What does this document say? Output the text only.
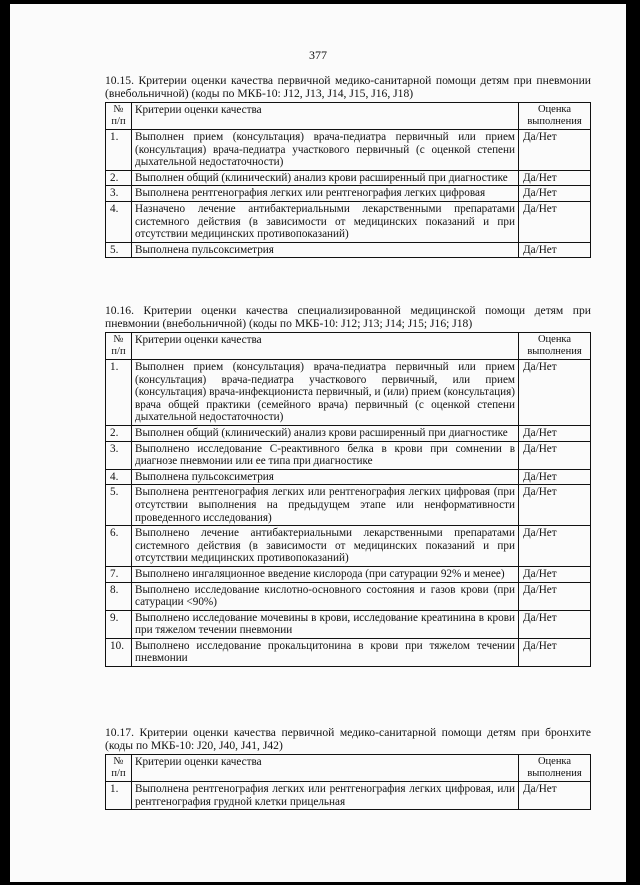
377
10.15. Критерии оценки качества первичной медико-санитарной помощи детям при пневмонии (внебольничной) (коды по МКБ-10: J12, J13, J14, J15, J16, J18)
№ п/п	Критерии оценки качества	Оценка выполнения
1.	Выполнен прием (консультация) врача-педиатра первичный или прием (консультация) врача-педиатра участкового первичный (с оценкой степени дыхательной недостаточности)	Да/Нет
2.	Выполнен общий (клинический) анализ крови расширенный при диагностике	Да/Нет
3.	Выполнена рентгенография легких или рентгенография легких цифровая	Да/Нет
4.	Назначено лечение антибактериальными лекарственными препаратами системного действия (в зависимости от медицинских показаний и при отсутствии медицинских противопоказаний)	Да/Нет
5.	Выполнена пульсоксиметрия	Да/Нет
10.16. Критерии оценки качества специализированной медицинской помощи детям при пневмонии (внебольничной) (коды по МКБ-10: J12; J13; J14; J15; J16; J18)
№ п/п	Критерии оценки качества	Оценка выполнения
1.	Выполнен прием (консультация) врача-педиатра первичный или прием (консультация) врача-педиатра участкового первичный, или прием (консультация) врача-инфекциониста первичный, и (или) прием (консультация) врача общей практики (семейного врача) первичный (с оценкой степени дыхательной недостаточности)	Да/Нет
2.	Выполнен общий (клинический) анализ крови расширенный при диагностике	Да/Нет
3.	Выполнено исследование С-реактивного белка в крови при сомнении в диагнозе пневмонии или ее типа при диагностике	Да/Нет
4.	Выполнена пульсоксиметрия	Да/Нет
5.	Выполнена рентгенография легких или рентгенография легких цифровая (при отсутствии выполнения на предыдущем этапе или ненформативности проведенного исследования)	Да/Нет
6.	Выполнено лечение антибактериальными лекарственными препаратами системного действия (в зависимости от медицинских показаний и при отсутствии медицинских противопоказаний)	Да/Нет
7.	Выполнено ингаляционное введение кислорода (при сатурации 92% и менее)	Да/Нет
8.	Выполнено исследование кислотно-основного состояния и газов крови (при сатурации <90%)	Да/Нет
9.	Выполнено исследование мочевины в крови, исследование креатинина в крови при тяжелом течении пневмонии	Да/Нет
10.	Выполнено исследование прокальцитонина в крови при тяжелом течении пневмонии	Да/Нет
10.17. Критерии оценки качества первичной медико-санитарной помощи детям при бронхите (коды по МКБ-10: J20, J40, J41, J42)
№ п/п	Критерии оценки качества	Оценка выполнения
1.	Выполнена рентгенография легких или рентгенография легких цифровая, или рентгенография грудной клетки прицельная	Да/Нет
